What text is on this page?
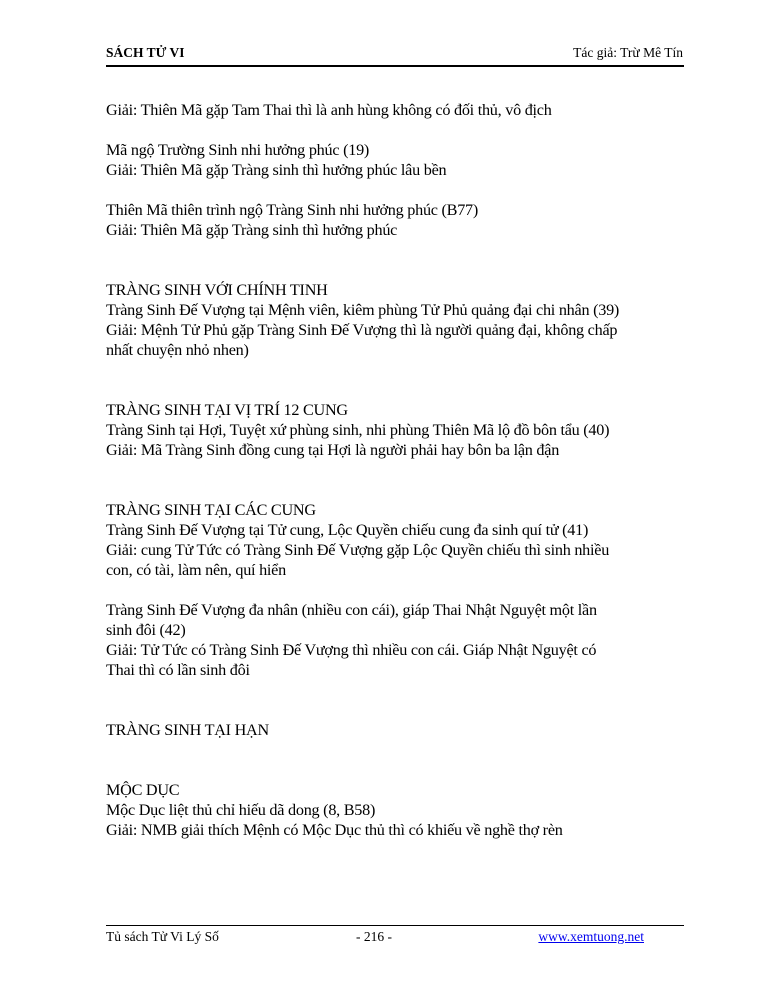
SÁCH TỬ VI	Tác giả: Trừ Mê Tín

Giải: Thiên Mã gặp Tam Thai thì là anh hùng không có đối thủ, vô địch

Mã ngộ Trường Sinh nhi hưởng phúc (19)

Giải: Thiên Mã gặp Tràng sinh thì hưởng phúc lâu bền

Thiên Mã thiên trình ngộ Tràng Sinh nhi hưởng phúc (B77)

Giải: Thiên Mã gặp Tràng sinh thì hưởng phúc

TRÀNG SINH VỚI CHÍNH TINH

Tràng Sinh Đế Vượng tại Mệnh viên, kiêm phùng Tử Phủ quảng đại chi nhân (39)

Giải: Mệnh Tử Phủ gặp Tràng Sinh Đế Vượng thì là người quảng đại, không chấp

nhất chuyện nhỏ nhen)

TRÀNG SINH TẠI VỊ TRÍ 12 CUNG

Tràng Sinh tại Hợi, Tuyệt xứ phùng sinh, nhi phùng Thiên Mã lộ đồ bôn tẩu (40)

Giải: Mã Tràng Sinh đồng cung tại Hợi là người phải hay bôn ba lận đận

TRÀNG SINH TẠI CÁC CUNG

Tràng Sinh Đế Vượng tại Tử cung, Lộc Quyền chiếu cung đa sinh quí tử (41)

Giải: cung Tử Tức có Tràng Sinh Đế Vượng gặp Lộc Quyền chiếu thì sinh nhiều

con, có tài, làm nên, quí hiển

Tràng Sinh Đế Vượng đa nhân (nhiều con cái), giáp Thai Nhật Nguyệt một lần

sinh đôi (42)

Giải: Tử Tức có Tràng Sinh Đế Vượng thì nhiều con cái. Giáp Nhật Nguyệt có

Thai thì có lần sinh đôi

TRÀNG SINH TẠI HẠN

MỘC DỤC

Mộc Dục liệt thủ chỉ hiếu dã dong (8, B58)

Giải: NMB giải thích Mệnh có Mộc Dục thủ thì có khiếu về nghề thợ rèn

Tủ sách Tử Vi Lý Số	- 216 -	www.xemtuong.net
